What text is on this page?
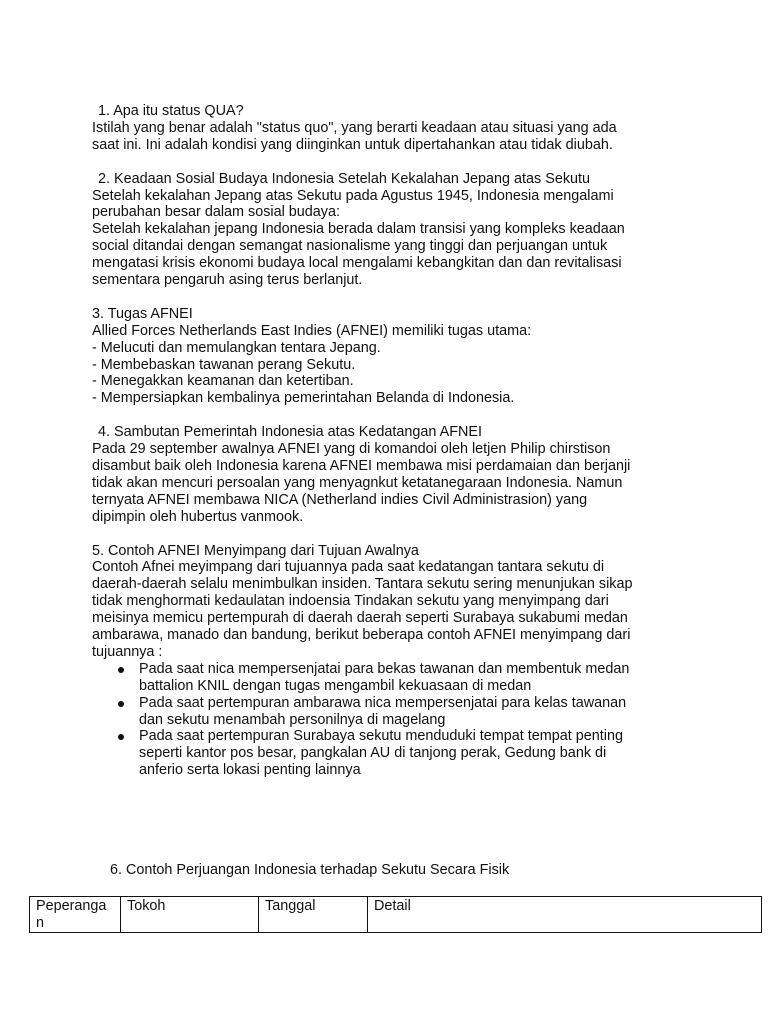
1. Apa itu status QUA?

Istilah yang benar adalah "status quo", yang berarti keadaan atau situasi yang ada

saat ini. Ini adalah kondisi yang diinginkan untuk dipertahankan atau tidak diubah.

2. Keadaan Sosial Budaya Indonesia Setelah Kekalahan Jepang atas Sekutu

Setelah kekalahan Jepang atas Sekutu pada Agustus 1945, Indonesia mengalami

perubahan besar dalam sosial budaya:

Setelah kekalahan jepang Indonesia berada dalam transisi yang kompleks keadaan

social ditandai dengan semangat nasionalisme yang tinggi dan perjuangan untuk

mengatasi krisis ekonomi budaya local mengalami kebangkitan dan dan revitalisasi

sementara pengaruh asing terus berlanjut.

3. Tugas AFNEI

Allied Forces Netherlands East Indies (AFNEI) memiliki tugas utama:

- Melucuti dan memulangkan tentara Jepang.

- Membebaskan tawanan perang Sekutu.

- Menegakkan keamanan dan ketertiban.

- Mempersiapkan kembalinya pemerintahan Belanda di Indonesia.

4. Sambutan Pemerintah Indonesia atas Kedatangan AFNEI

Pada 29 september awalnya AFNEI yang di komandoi oleh letjen Philip chirstison

disambut baik oleh Indonesia karena AFNEI membawa misi perdamaian dan berjanji

tidak akan mencuri persoalan yang menyagnkut ketatanegaraan Indonesia. Namun

ternyata AFNEI membawa NICA (Netherland indies Civil Administrasion) yang

dipimpin oleh hubertus vanmook.

5. Contoh AFNEI Menyimpang dari Tujuan Awalnya

Contoh Afnei meyimpang dari tujuannya pada saat kedatangan tantara sekutu di

daerah-daerah selalu menimbulkan insiden. Tantara sekutu sering menunjukan sikap

tidak menghormati kedaulatan indoensia Tindakan sekutu yang menyimpang dari

meisinya memicu pertempurah di daerah daerah seperti Surabaya sukabumi medan

ambarawa, manado dan bandung, berikut beberapa contoh AFNEI menyimpang dari

tujuannya :

Pada saat nica mempersenjatai para bekas tawanan dan membentuk medan

battalion KNIL dengan tugas mengambil kekuasaan di medan

Pada saat pertempuran ambarawa nica mempersenjatai para kelas tawanan

dan sekutu menambah personilnya di magelang

Pada saat pertempuran Surabaya sekutu menduduki tempat tempat penting

seperti kantor pos besar, pangkalan AU di tanjong perak, Gedung bank di

anferio serta lokasi penting lainnya

6. Contoh Perjuangan Indonesia terhadap Sekutu Secara Fisik

Peperangan	Tokoh	Tanggal	Detail
